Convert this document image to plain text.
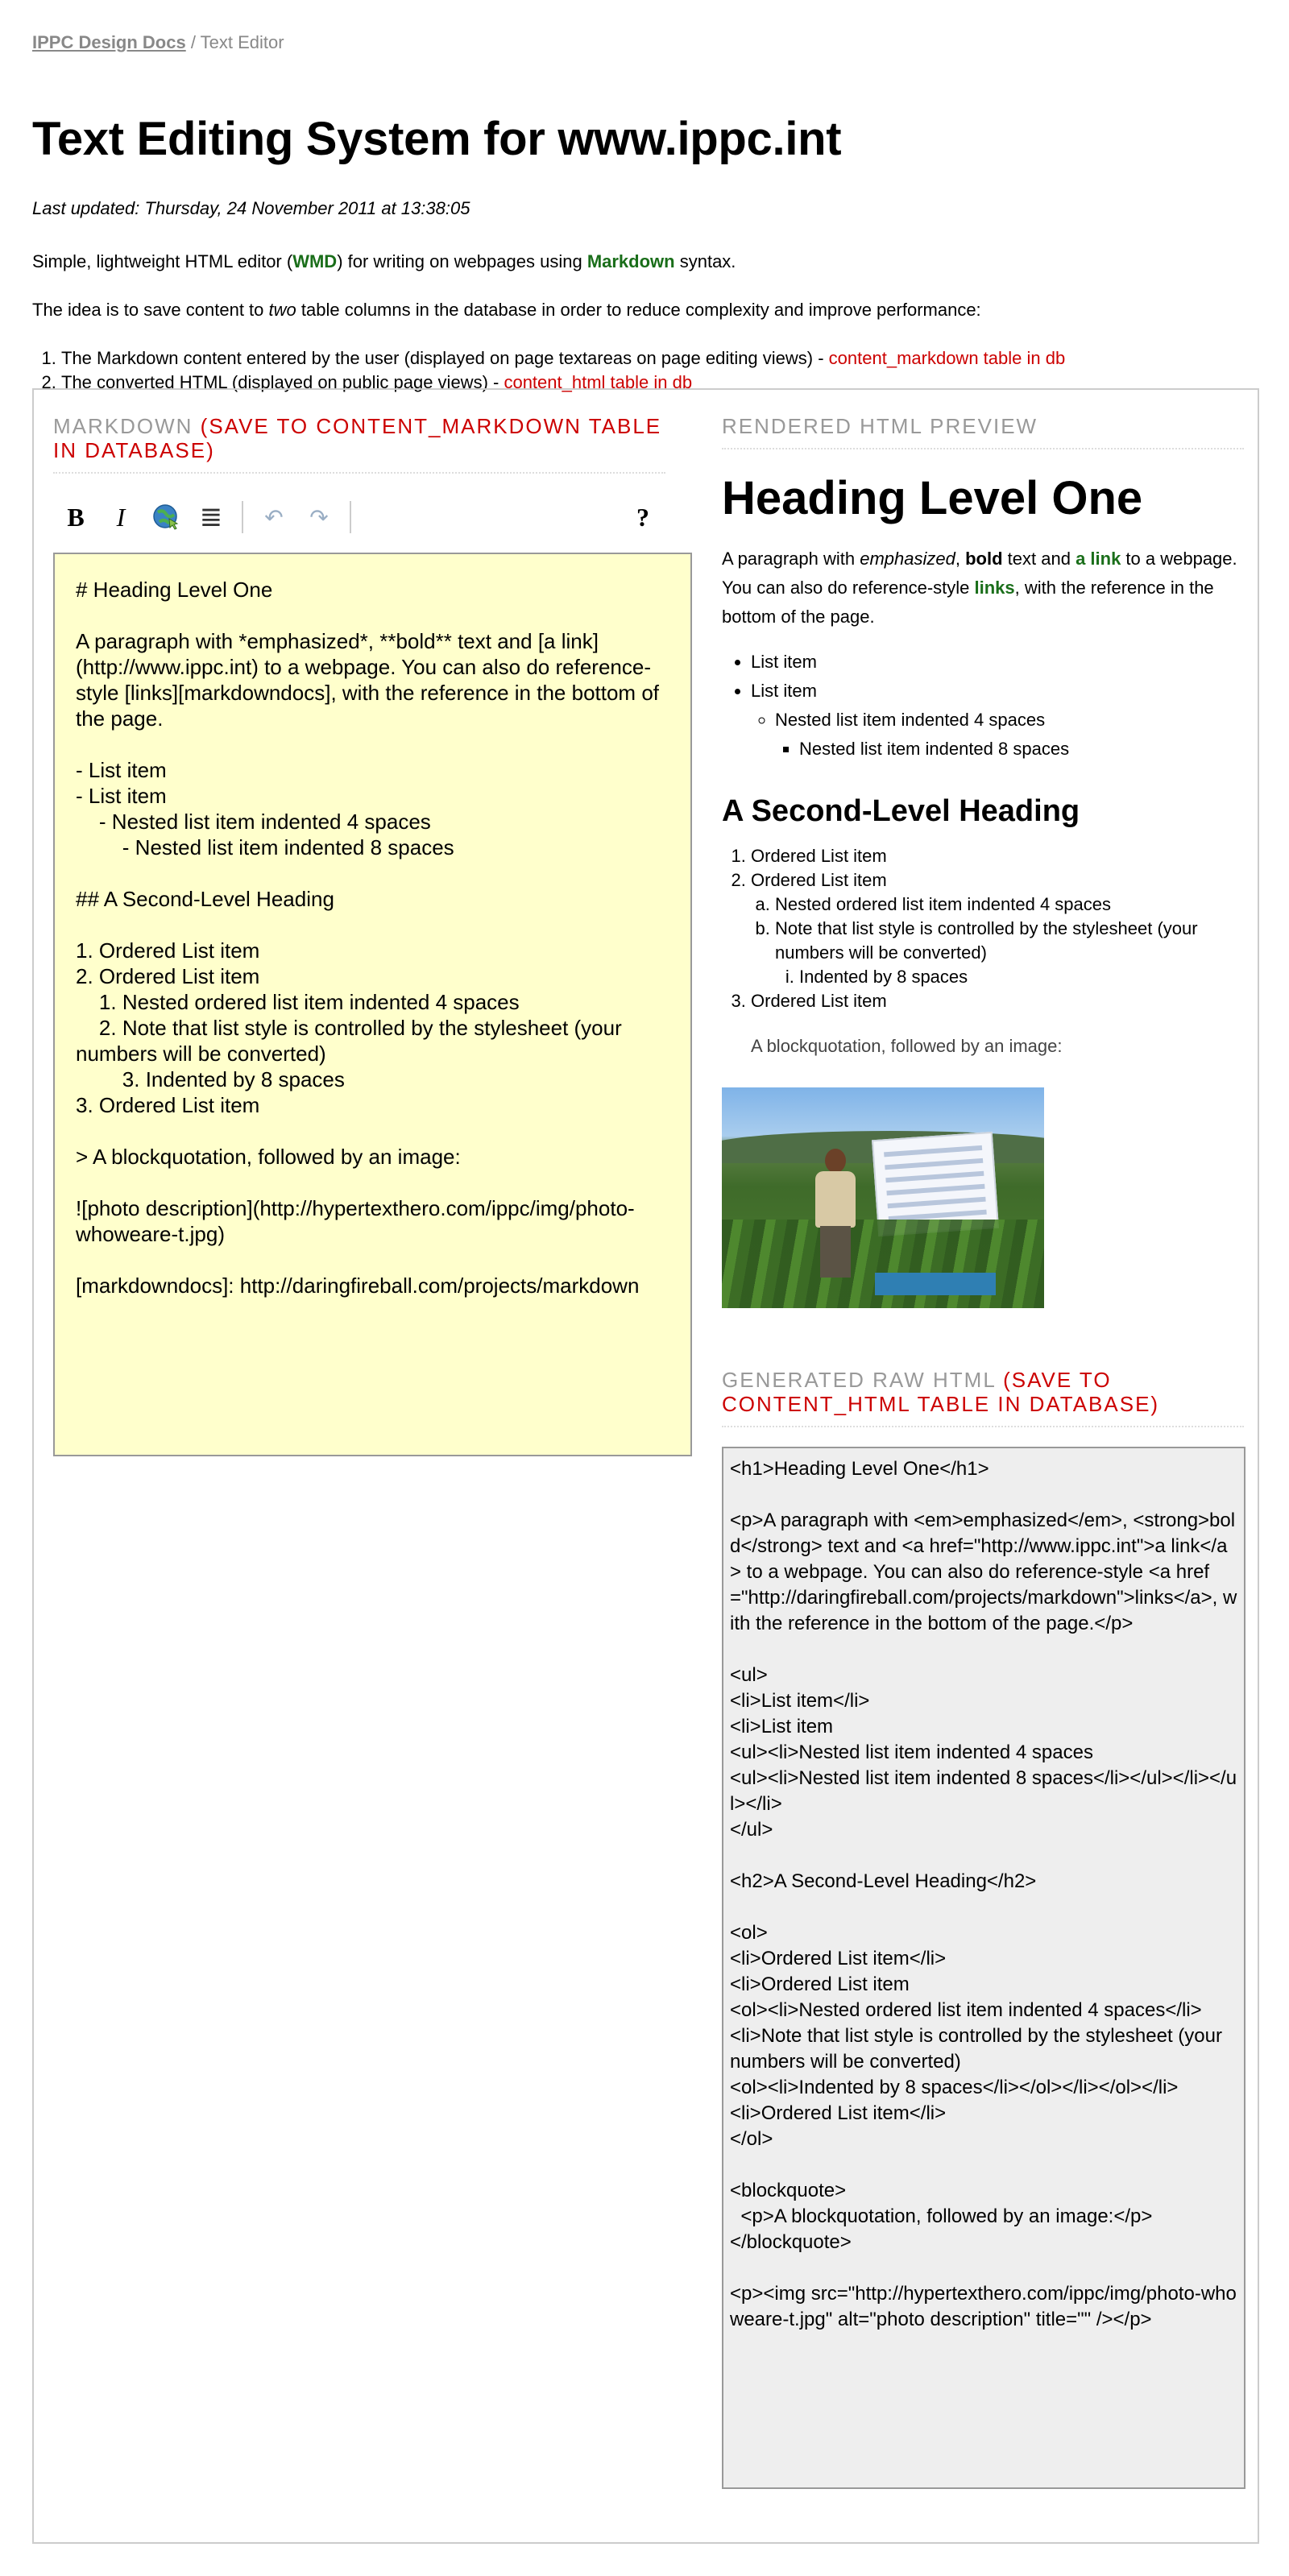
IPPC Design Docs / Text Editor
Text Editing System for www.ippc.int
Last updated: Thursday, 24 November 2011 at 13:38:05
Simple, lightweight HTML editor (WMD) for writing on webpages using Markdown syntax.
The idea is to save content to two table columns in the database in order to reduce complexity and improve performance:
1. The Markdown content entered by the user (displayed on page textareas on page editing views) - content_markdown table in db
2. The converted HTML (displayed on public page views) - content_html table in db
MARKDOWN (SAVE TO CONTENT_MARKDOWN TABLE IN DATABASE)
B I	≣ ↶ ↷	?
# Heading Level One

A paragraph with *emphasized*, **bold** text and [a link](http://www.ippc.int) to a webpage. You can also do reference-style [links][markdowndocs], with the reference in the bottom of the page.

- List item
- List item
- Nested list item indented 4 spaces
- Nested list item indented 8 spaces

## A Second-Level Heading

1. Ordered List item
2. Ordered List item
1. Nested ordered list item indented 4 spaces
2. Note that list style is controlled by the stylesheet (your numbers will be converted)
3. Indented by 8 spaces
3. Ordered List item

> A blockquotation, followed by an image:

![photo description](http://hypertexthero.com/ippc/img/photo-whoweare-t.jpg)

[markdowndocs]: http://daringfireball.com/projects/markdown
RENDERED HTML PREVIEW
Heading Level One

A paragraph with emphasized, bold text and a link to a webpage. You can also do reference-style links, with the reference in the bottom of the page.

• List item
• List item
◦ Nested list item indented 4 spaces
▪ Nested list item indented 8 spaces
A Second-Level Heading
1. Ordered List item
2. Ordered List item
a. Nested ordered list item indented 4 spaces
b. Note that list style is controlled by the stylesheet (your numbers will be converted)
i. Indented by 8 spaces
3. Ordered List item
A blockquotation, followed by an image:
GENERATED RAW HTML (SAVE TO CONTENT_HTML TABLE IN DATABASE)
<h1>Heading Level One</h1>

<p>A paragraph with <em>emphasized</em>, <strong>bold</strong> text and <a href="http://www.ippc.int">a link</a> to a webpage. You can also do reference-style <a href="http://daringfireball.com/projects/markdown">links</a>, with the reference in the bottom of the page.</p>

<ul>
<li>List item</li>
<li>List item
<ul><li>Nested list item indented 4 spaces
<ul><li>Nested list item indented 8 spaces</li></ul></li></ul></li>
</ul>

<h2>A Second-Level Heading</h2>

<ol>
<li>Ordered List item</li>
<li>Ordered List item
<ol><li>Nested ordered list item indented 4 spaces</li>
<li>Note that list style is controlled by the stylesheet (your numbers will be converted)
<ol><li>Indented by 8 spaces</li></ol></li></ol></li>
<li>Ordered List item</li>
</ol>

<blockquote>
<p>A blockquotation, followed by an image:</p>
</blockquote>

<p><img src="http://hypertexthero.com/ippc/img/photo-whoweare-t.jpg" alt="photo description" title="" /></p>
